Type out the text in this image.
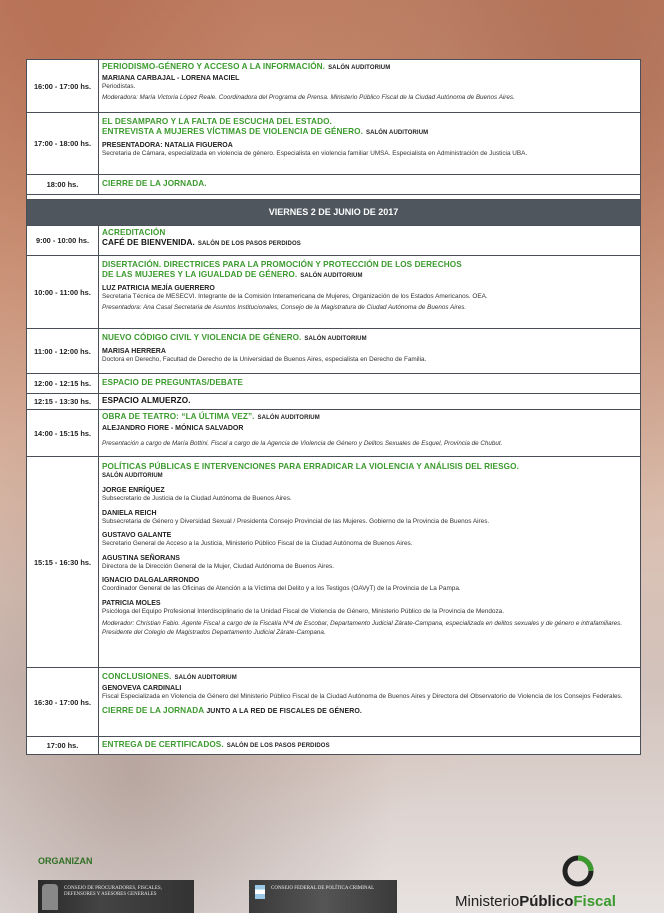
16:00 - 17:00 hs.
PERIODISMO-GÉNERO Y ACCESO A LA INFORMACIÓN. SALÓN AUDITORIUM
MARIANA CARBAJAL - LORENA MACIEL
Periodistas.
Moderadora: María Victoria López Reale. Coordinadora del Programa de Prensa. Ministerio Público Fiscal de la Ciudad Autónoma de Buenos Aires.
17:00 - 18:00 hs.
EL DESAMPARO Y LA FALTA DE ESCUCHA DEL ESTADO.
ENTREVISTA A MUJERES VÍCTIMAS DE VIOLENCIA DE GÉNERO. SALÓN AUDITORIUM
PRESENTADORA: NATALIA FIGUEROA
Secretaria de Cámara, especializada en violencia de género. Especialista en violencia familiar UMSA. Especialista en Administración de Justicia UBA.
18:00 hs.	CIERRE DE LA JORNADA.
VIERNES 2 DE JUNIO DE 2017
9:00 - 10:00 hs.
ACREDITACIÓN
CAFÉ DE BIENVENIDA. SALÓN DE LOS PASOS PERDIDOS
10:00 - 11:00 hs.
DISERTACIÓN. DIRECTRICES PARA LA PROMOCIÓN Y PROTECCIÓN DE LOS DERECHOS
DE LAS MUJERES Y LA IGUALDAD DE GÉNERO. SALÓN AUDITORIUM
LUZ PATRICIA MEJÍA GUERRERO
Secretaria Técnica de MESECVI. Integrante de la Comisión Interamericana de Mujeres, Organización de los Estados Americanos. OEA.
Presentadora: Ana Casal Secretaria de Asuntos Institucionales, Consejo de la Magistratura de Ciudad Autónoma de Buenos Aires.
11:00 - 12:00 hs.
NUEVO CÓDIGO CIVIL Y VIOLENCIA DE GÉNERO. SALÓN AUDITORIUM
MARISA HERRERA
Doctora en Derecho, Facultad de Derecho de la Universidad de Buenos Aires, especialista en Derecho de Familia.
12:00 - 12:15 hs.	ESPACIO DE PREGUNTAS/DEBATE
12:15 - 13:30 hs.	ESPACIO ALMUERZO.
14:00 - 15:15 hs.
OBRA DE TEATRO: “LA ÚLTIMA VEZ”. SALÓN AUDITORIUM
ALEJANDRO FIORE - MÓNICA SALVADOR
Presentación a cargo de María Bottini. Fiscal a cargo de la Agencia de Violencia de Género y Delitos Sexuales de Esquel, Provincia de Chubut.
15:15 - 16:30 hs.
POLÍTICAS PÚBLICAS E INTERVENCIONES PARA ERRADICAR LA VIOLENCIA Y ANÁLISIS DEL RIESGO.
SALÓN AUDITORIUM
JORGE ENRÍQUEZ
Subsecretario de Justicia de la Ciudad Autónoma de Buenos Aires.
DANIELA REICH
Subsecretaria de Género y Diversidad Sexual / Presidenta Consejo Provincial de las Mujeres. Gobierno de la Provincia de Buenos Aires.
GUSTAVO GALANTE
Secretario General de Acceso a la Justicia, Ministerio Público Fiscal de la Ciudad Autónoma de Buenos Aires.
AGUSTINA SEÑORANS
Directora de la Dirección General de la Mujer, Ciudad Autónoma de Buenos Aires.
IGNACIO DALGALARRONDO
Coordinador General de las Oficinas de Atención a la Víctima del Delito y a los Testigos (OAVyT) de la Provincia de La Pampa.
PATRICIA MOLES
Psicóloga del Equipo Profesional Interdisciplinario de la Unidad Fiscal de Violencia de Género, Ministerio Público de la Provincia de Mendoza.
Moderador: Christian Fabio. Agente Fiscal a cargo de la Fiscalía Nº4 de Escobar, Departamento Judicial Zárate-Campana, especializada en delitos sexuales y de género e intrafamiliares. Presidente del Colegio de Magistrados Departamento Judicial Zárate-Campana.
16:30 - 17:00 hs.
CONCLUSIONES. SALÓN AUDITORIUM
GENOVEVA CARDINALI
Fiscal Especializada en Violencia de Género del Ministerio Público Fiscal de la Ciudad Autónoma de Buenos Aires y Directora del Observatorio de Violencia de los Consejos Federales.
CIERRE DE LA JORNADA JUNTO A LA RED DE FISCALES DE GÉNERO.
17:00 hs.	ENTREGA DE CERTIFICADOS. SALÓN DE LOS PASOS PERDIDOS
ORGANIZAN
CONSEJO DE PROCURADORES, FISCALES, DEFENSORES Y ASESORES GENERALES
CONSEJO FEDERAL DE POLÍTICA CRIMINAL
MinisterioPúblicoFiscal
